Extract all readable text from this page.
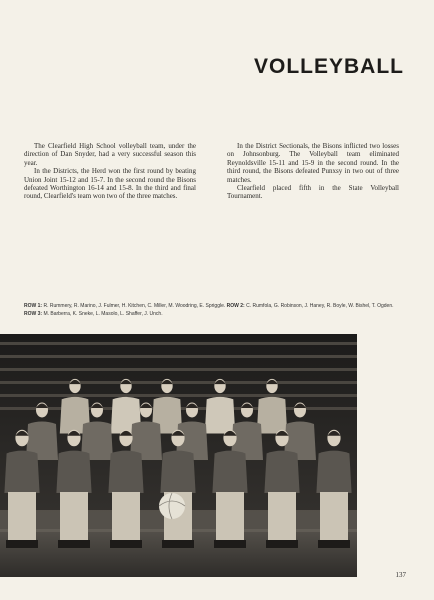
VOLLEYBALL

The Clearfield High School volleyball team, under the direction of Dan Snyder, had a very successful season this year.

In the Districts, the Herd won the first round by beating Union Joint 15-12 and 15-7. In the second round the Bisons defeated Worthington 16-14 and 15-8. In the third and final round, Clearfield's team won two of the three matches.

In the District Sectionals, the Bisons inflicted two losses on Johnsonburg. The Volleyball team eliminated Reynoldsville 15-11 and 15-9 in the second round. In the third round, the Bisons defeated Punxsy in two out of three matches.

Clearfield placed fifth in the State Volleyball Tournament.

ROW 1: R. Rummery, R. Marino, J. Fulmer, H. Kitchen, C. Miller, M. Woodring, E. Spriggle. ROW 2: C. Rumfola, G. Robinson, J. Haney, R. Boyle, W. Bishel, T. Ogden. ROW 3: M. Barberra, K. Sneke, L. Masolo, L. Shaffer, J. Unch.
137
